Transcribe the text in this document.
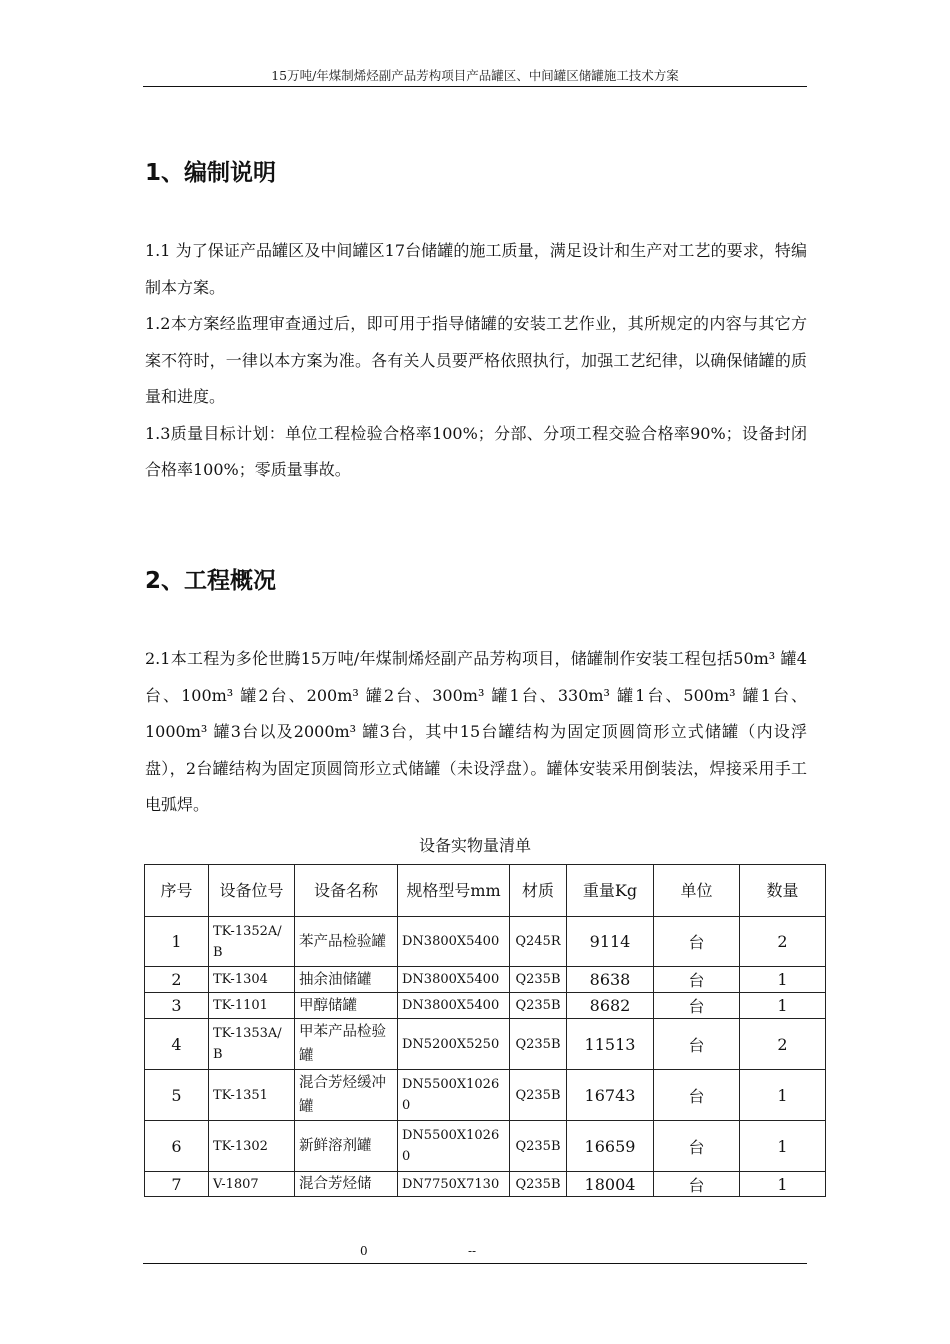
15万吨/年煤制烯烃副产品芳构项目产品罐区、中间罐区储罐施工技术方案
1、编制说明

1.1 为了保证产品罐区及中间罐区17台储罐的施工质量，满足设计和生产对工艺的要求，特编制本方案。

1.2本方案经监理审查通过后，即可用于指导储罐的安装工艺作业，其所规定的内容与其它方案不符时，一律以本方案为准。各有关人员要严格依照执行，加强工艺纪律，以确保储罐的质量和进度。

1.3质量目标计划：单位工程检验合格率100%；分部、分项工程交验合格率90%；设备封闭合格率100%；零质量事故。

2、工程概况

2.1本工程为多伦世腾15万吨/年煤制烯烃副产品芳构项目，储罐制作安装工程包括50m³ 罐4台、100m³ 罐2台、200m³ 罐2台、300m³ 罐1台、330m³ 罐1台、500m³ 罐1台、1000m³ 罐3台以及2000m³ 罐3台，其中15台罐结构为固定顶圆筒形立式储罐（内设浮盘），2台罐结构为固定顶圆筒形立式储罐（未设浮盘）。罐体安装采用倒装法，焊接采用手工电弧焊。

设备实物量清单
序号	设备位号	设备名称	规格型号mm	材质	重量Kg	单位	数量
1	TK-1352A/B	苯产品检验罐	DN3800X5400	Q245R	9114	台	2
2	TK-1304	抽余油储罐	DN3800X5400	Q235B	8638	台	1
3	TK-1101	甲醇储罐	DN3800X5400	Q235B	8682	台	1
4	TK-1353A/B	甲苯产品检验罐	DN5200X5250	Q235B	11513	台	2
5	TK-1351	混合芳烃缓冲罐	DN5500X10260	Q235B	16743	台	1
6	TK-1302	新鲜溶剂罐	DN5500X10260	Q235B	16659	台	1
7	V-1807	混合芳烃储	DN7750X7130	Q235B	18004	台	1
0	--
